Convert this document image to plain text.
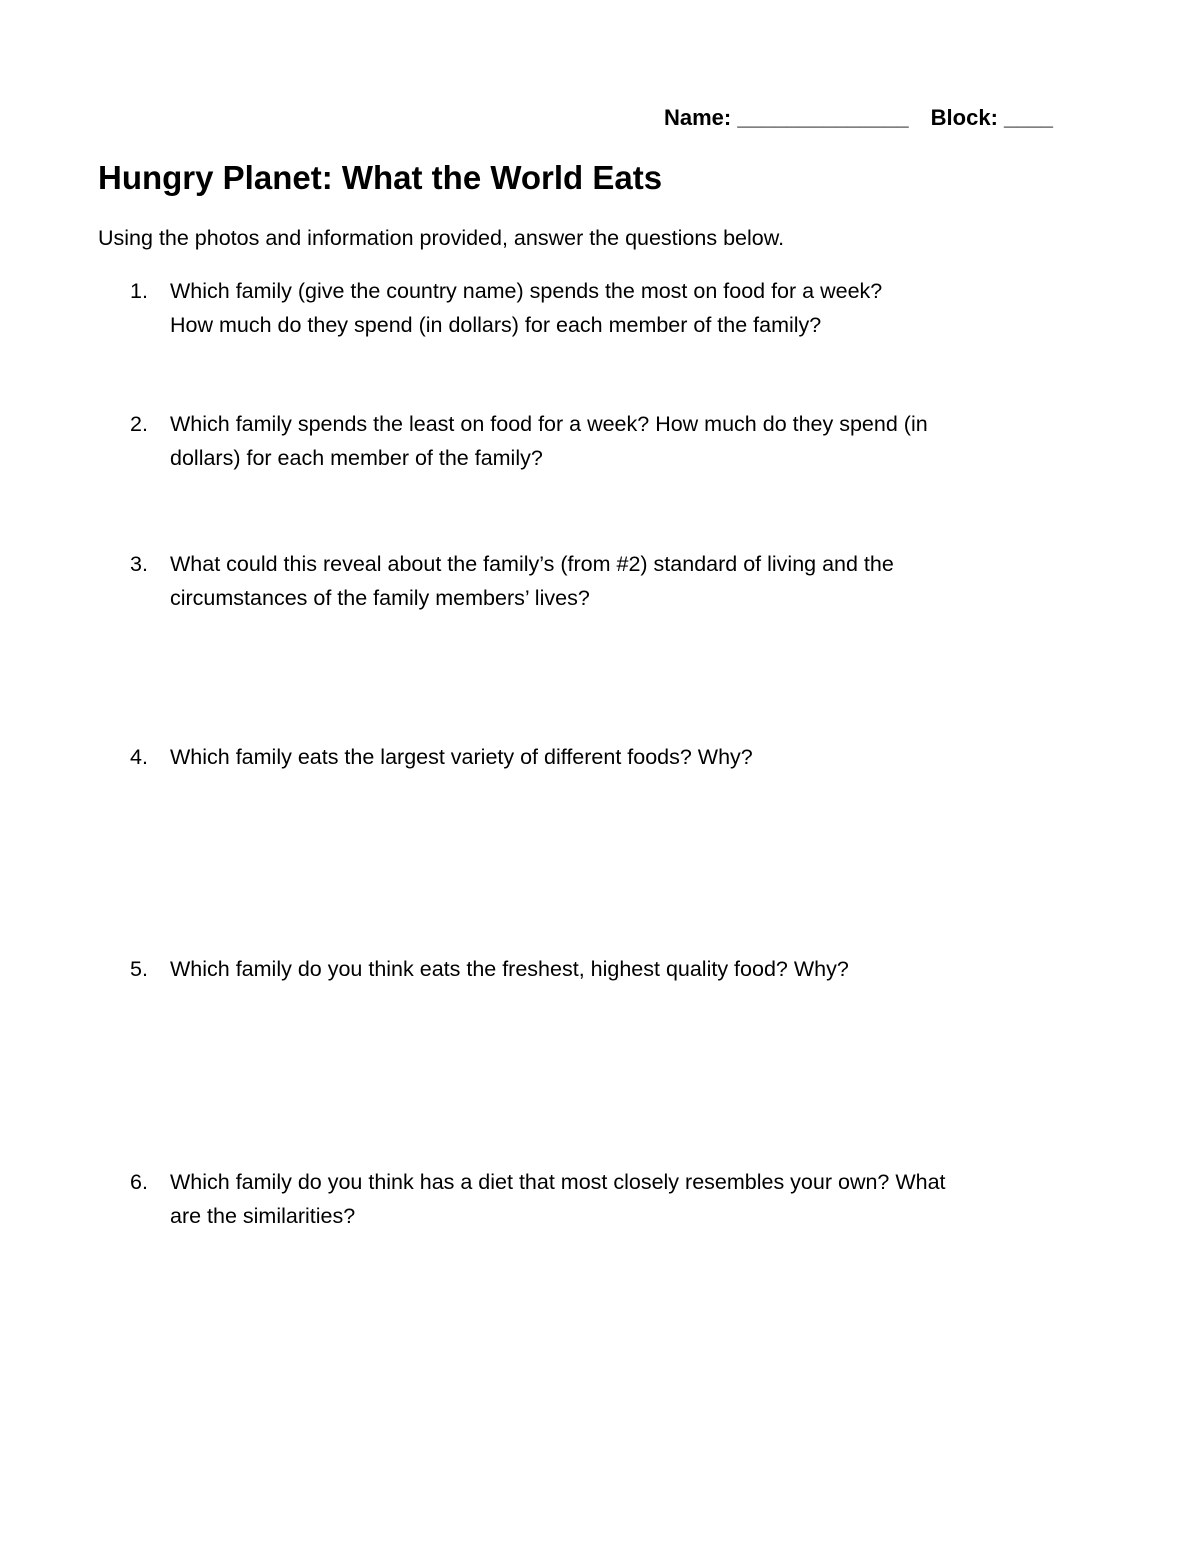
Name: ______________ Block: ____
Hungry Planet: What the World Eats
Using the photos and information provided, answer the questions below.
1. Which family (give the country name) spends the most on food for a week?
How much do they spend (in dollars) for each member of the family?
2. Which family spends the least on food for a week? How much do they spend (in
dollars) for each member of the family?
3. What could this reveal about the family’s (from #2) standard of living and the
circumstances of the family members’ lives?
4. Which family eats the largest variety of different foods? Why?
5. Which family do you think eats the freshest, highest quality food? Why?
6. Which family do you think has a diet that most closely resembles your own? What
are the similarities?
